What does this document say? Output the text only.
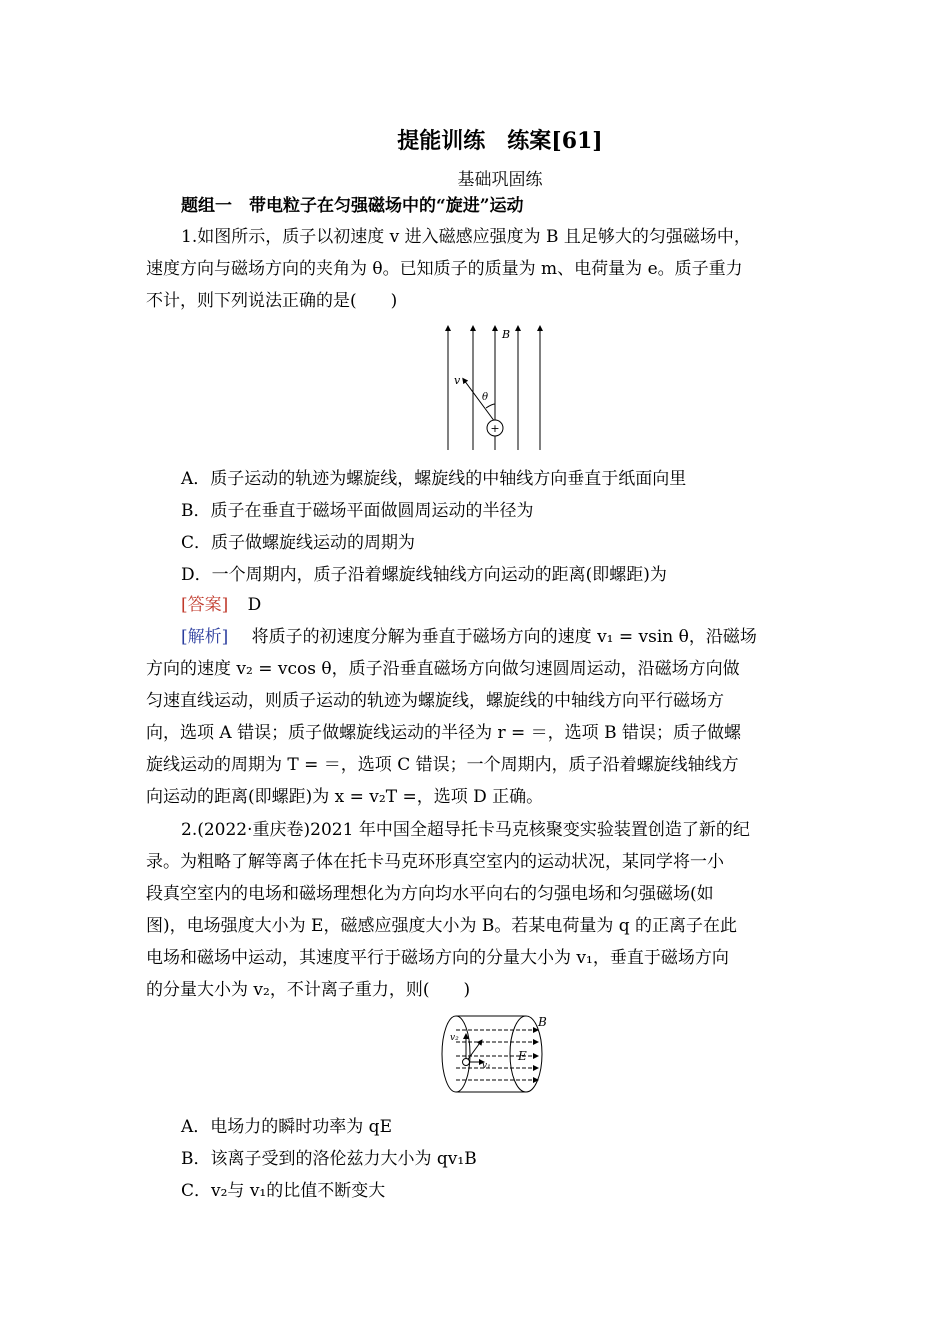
提能训练　练案[61]
基础巩固练
题组一　带电粒子在匀强磁场中的“旋进”运动
1.如图所示，质子以初速度 v 进入磁感应强度为 B 且足够大的匀强磁场中，
速度方向与磁场方向的夹角为 θ。已知质子的质量为 m、电荷量为 e。质子重力
不计，则下列说法正确的是(　　)
+
B
v
θ
A．质子运动的轨迹为螺旋线，螺旋线的中轴线方向垂直于纸面向里
B．质子在垂直于磁场平面做圆周运动的半径为
C．质子做螺旋线运动的周期为
D．一个周期内，质子沿着螺旋线轴线方向运动的距离(即螺距)为
[答案] D
[解析] 将质子的初速度分解为垂直于磁场方向的速度 v₁ = vsin θ，沿磁场
方向的速度 v₂ = vcos θ，质子沿垂直磁场方向做匀速圆周运动，沿磁场方向做
匀速直线运动，则质子运动的轨迹为螺旋线，螺旋线的中轴线方向平行磁场方
向，选项 A 错误；质子做螺旋线运动的半径为 r = ＝，选项 B 错误；质子做螺
旋线运动的周期为 T = ＝，选项 C 错误；一个周期内，质子沿着螺旋线轴线方
向运动的距离(即螺距)为 x = v₂T =，选项 D 正确。
2.(2022·重庆卷)2021 年中国全超导托卡马克核聚变实验装置创造了新的纪
录。为粗略了解等离子体在托卡马克环形真空室内的运动状况，某同学将一小
段真空室内的电场和磁场理想化为方向均水平向右的匀强电场和匀强磁场(如
图)，电场强度大小为 E，磁感应强度大小为 B。若某电荷量为 q 的正离子在此
电场和磁场中运动，其速度平行于磁场方向的分量大小为 v₁，垂直于磁场方向
的分量大小为 v₂，不计离子重力，则(　　)
B
E
v₂
v₁
A．电场力的瞬时功率为 qE
B．该离子受到的洛伦兹力大小为 qv₁B
C．v₂与 v₁的比值不断变大
